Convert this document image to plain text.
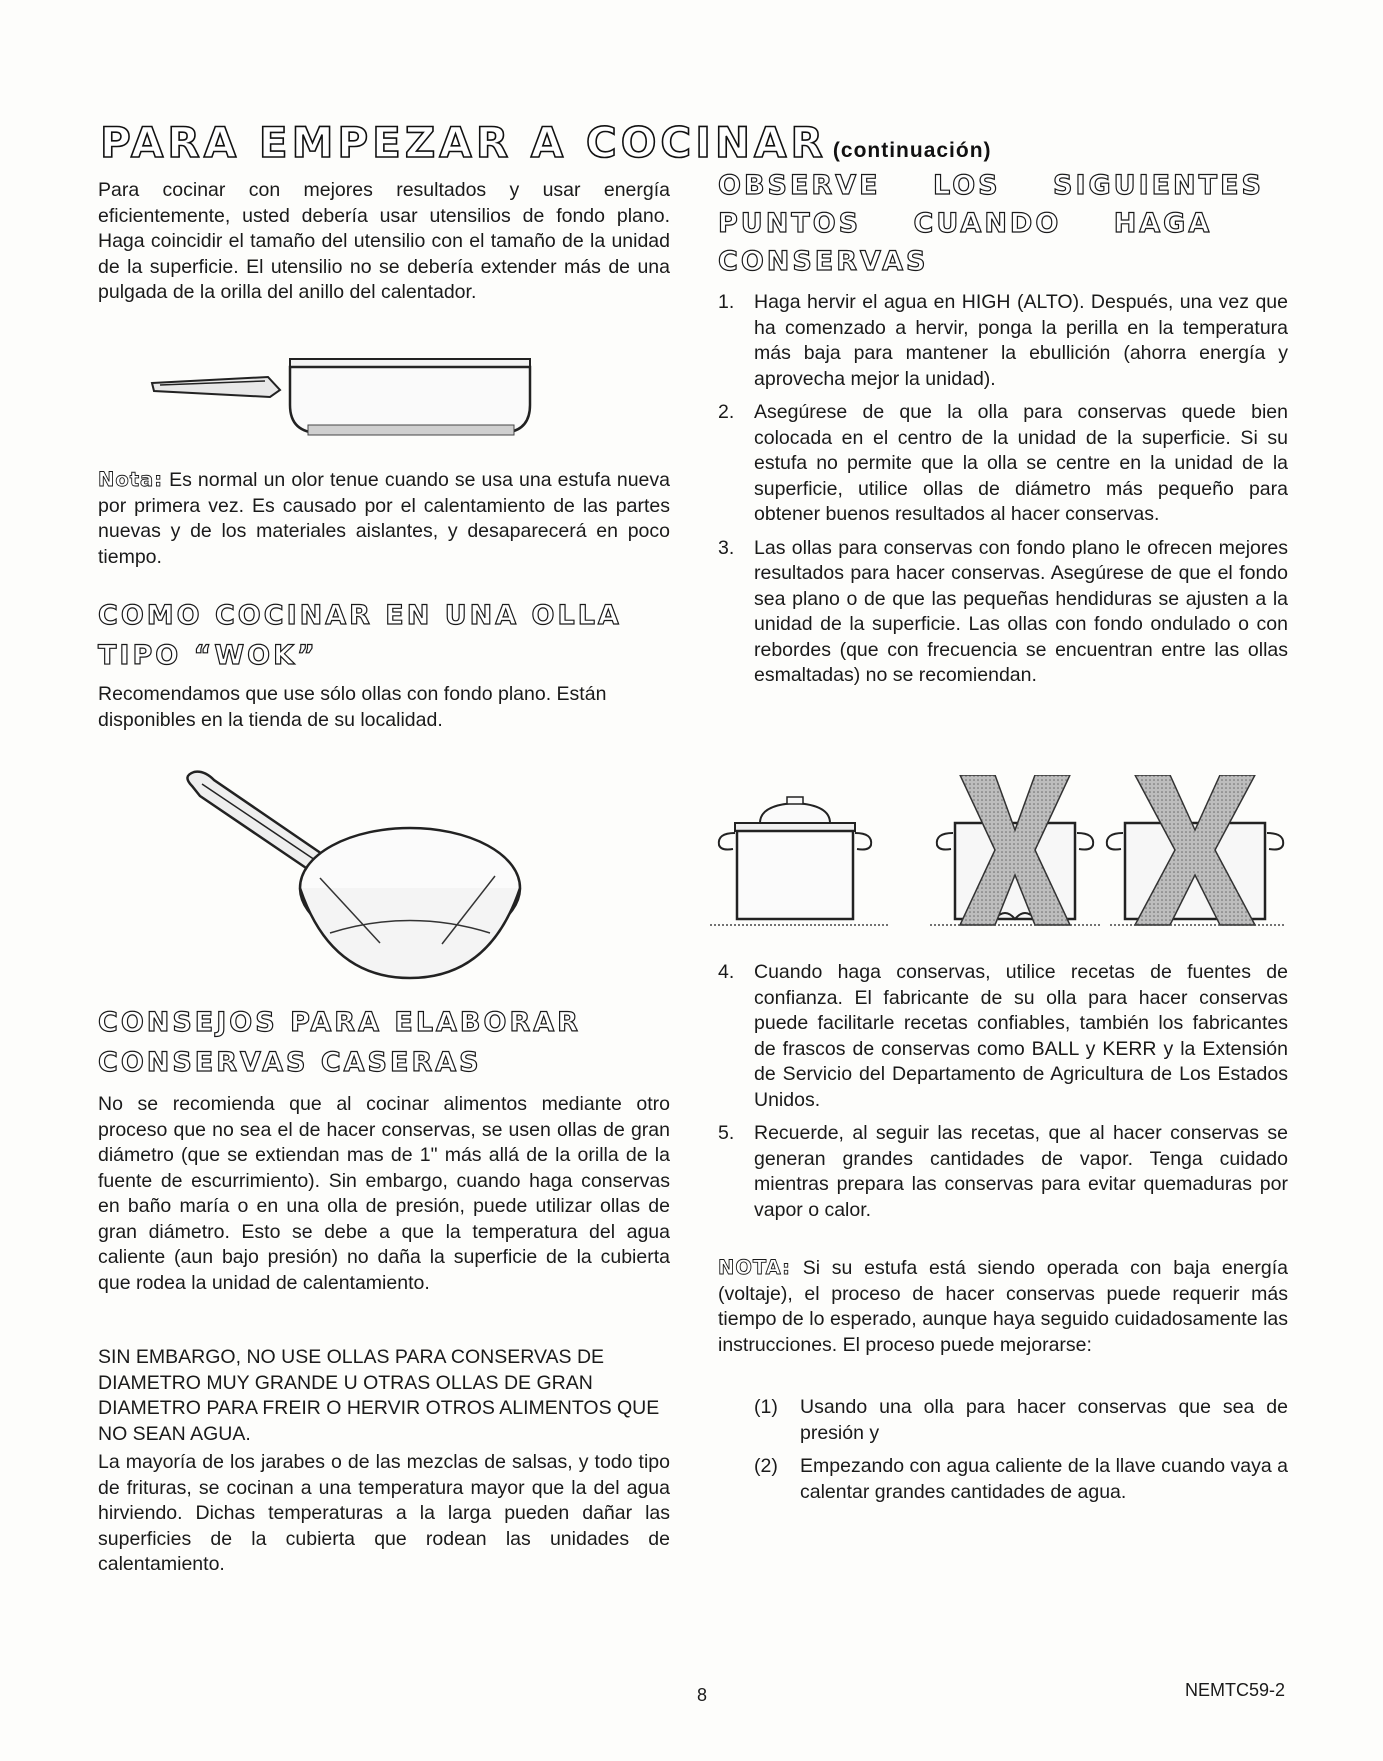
PARA EMPEZAR A COCINAR (continuación)

Para cocinar con mejores resultados y usar energía eficientemente, usted debería usar utensilios de fondo plano. Haga coincidir el tamaño del utensilio con el tamaño de la unidad de la superficie. El utensilio no se debería extender más de una pulgada de la orilla del anillo del calentador.

Nota: Es normal un olor tenue cuando se usa una estufa nueva por primera vez. Es causado por el calentamiento de las partes nuevas y de los materiales aislantes, y desaparecerá en poco tiempo.

COMO COCINAR EN UNA OLLA
TIPO “WOK”

Recomendamos que use sólo ollas con fondo plano. Están disponibles en la tienda de su localidad.

CONSEJOS PARA ELABORAR
CONSERVAS CASERAS

No se recomienda que al cocinar alimentos mediante otro proceso que no sea el de hacer conservas, se usen ollas de gran diámetro (que se extiendan mas de 1" más allá de la orilla de la fuente de escurrimiento). Sin embargo, cuando haga conservas en baño maría o en una olla de presión, puede utilizar ollas de gran diámetro. Esto se debe a que la temperatura del agua caliente (aun bajo presión) no daña la superficie de la cubierta que rodea la unidad de calentamiento.

SIN EMBARGO, NO USE OLLAS PARA CONSERVAS DE DIAMETRO MUY GRANDE U OTRAS OLLAS DE GRAN DIAMETRO PARA FREIR O HERVIR OTROS ALIMENTOS QUE NO SEAN AGUA.

La mayoría de los jarabes o de las mezclas de salsas, y todo tipo de frituras, se cocinan a una temperatura mayor que la del agua hirviendo. Dichas temperaturas a la larga pueden dañar las superficies de la cubierta que rodean las unidades de calentamiento.

OBSERVE LOS SIGUIENTES
PUNTOS CUANDO HAGA
CONSERVAS
1. Haga hervir el agua en HIGH (ALTO). Después, una vez que ha comenzado a hervir, ponga la perilla en la temperatura más baja para mantener la ebullición (ahorra energía y aprovecha mejor la unidad).
2. Asegúrese de que la olla para conservas quede bien colocada en el centro de la unidad de la superficie. Si su estufa no permite que la olla se centre en la unidad de la superficie, utilice ollas de diámetro más pequeño para obtener buenos resultados al hacer conservas.
3. Las ollas para conservas con fondo plano le ofrecen mejores resultados para hacer conservas. Asegúrese de que el fondo sea plano o de que las pequeñas hendiduras se ajusten a la unidad de la superficie. Las ollas con fondo ondulado o con rebordes (que con frecuencia se encuentran entre las ollas esmaltadas) no se recomiendan.
4. Cuando haga conservas, utilice recetas de fuentes de confianza. El fabricante de su olla para hacer conservas puede facilitarle recetas confiables, también los fabricantes de frascos de conservas como BALL y KERR y la Extensión de Servicio del Departamento de Agricultura de Los Estados Unidos.
5. Recuerde, al seguir las recetas, que al hacer conservas se generan grandes cantidades de vapor. Tenga cuidado mientras prepara las conservas para evitar quemaduras por vapor o calor.

NOTA: Si su estufa está siendo operada con baja energía (voltaje), el proceso de hacer conservas puede requerir más tiempo de lo esperado, aunque haya seguido cuidadosamente las instrucciones. El proceso puede mejorarse:

(1) Usando una olla para hacer conservas que sea de presión y
(2) Empezando con agua caliente de la llave cuando vaya a calentar grandes cantidades de agua.
8	NEMTC59-2
